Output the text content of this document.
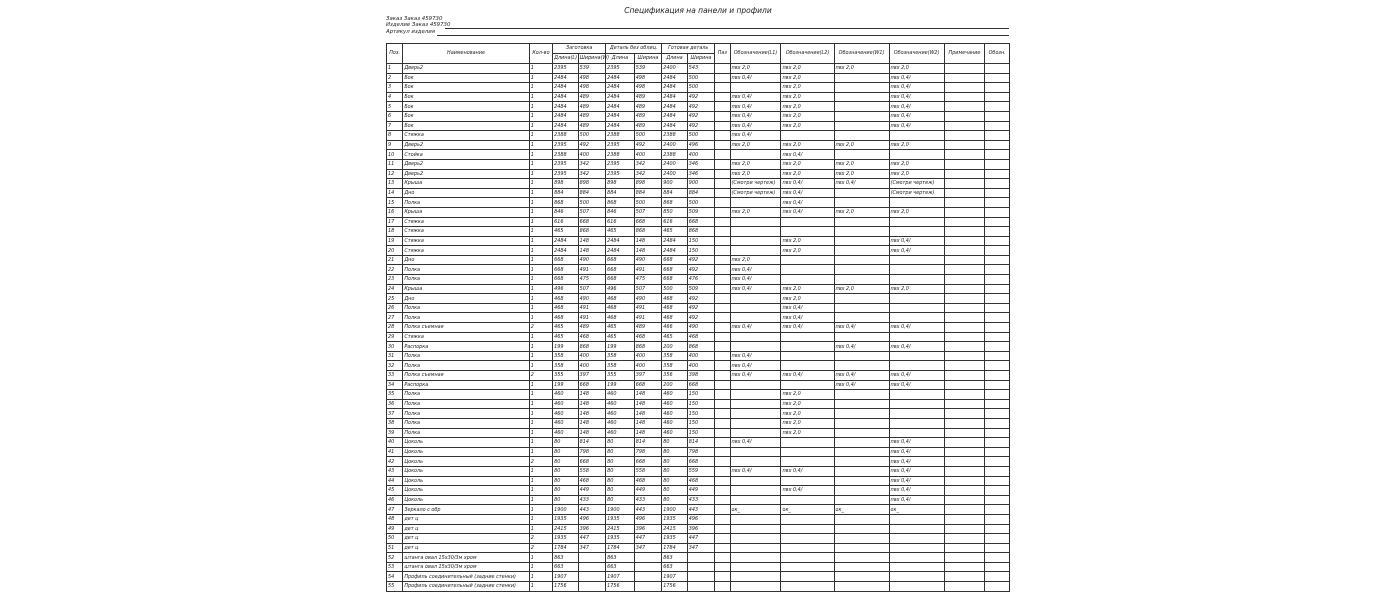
Спецификация на панели и профили
Заказ Заказ 459730
Изделие Заказ 459730
Артикул изделия
Поз.	Наименование	Кол-во	Заготовка		Деталь без облиц.		Готовая деталь		Паз	Обозначение(L1)	Обозначение(L2)	Обозначение(W1)	Обозначение(W2)	Примечание	Обозн.
			Длина(L)	Ширина(W)	Длина	Ширина	Длина	Ширина							
1	Дверь2	1	2395	539	2395	539	2400	543		пвх 2,0	пвх 2,0	пвх 2,0	пвх 2,0		
2	Бок	1	2484	498	2484	498	2484	500		пвх 0,4/	пвх 2,0		пвх 0,4/		
3	Бок	1	2484	498	2484	498	2484	500			пвх 2,0		пвх 0,4/		
4	Бок	1	2484	489	2484	489	2484	492		пвх 0,4/	пвх 2,0		пвх 0,4/		
5	Бок	1	2484	489	2484	489	2484	492		пвх 0,4/	пвх 2,0		пвх 0,4/		
6	Бок	1	2484	489	2484	489	2484	492		пвх 0,4/	пвх 2,0		пвх 0,4/		
7	Бок	1	2484	489	2484	489	2484	492		пвх 0,4/	пвх 2,0		пвх 0,4/		
8	Стяжка	1	2388	500	2388	500	2388	500		пвх 0,4/					
9	Дверь2	1	2395	492	2395	492	2400	496		пвх 2,0	пвх 2,0	пвх 2,0	пвх 2,0		
10	Стойка	1	2388	400	2388	400	2388	400			пвх 0,4/				
11	Дверь2	1	2395	342	2395	342	2400	346		пвх 2,0	пвх 2,0	пвх 2,0	пвх 2,0		
12	Дверь2	1	2395	342	2395	342	2400	346		пвх 2,0	пвх 2,0	пвх 2,0	пвх 2,0		
13	Крыша	1	898	898	898	898	900	900		(Смотри чертеж)	пвх 0,4/	пвх 0,4/	(Смотри чертеж)		
14	Дно	1	884	884	884	884	884	884		(Смотри чертеж)	пвх 0,4/		(Смотри чертеж)		
15	Полка	1	868	500	868	500	868	500			пвх 0,4/				
16	Крыша	1	846	507	846	507	850	509		пвх 2,0	пвх 0,4/	пвх 2,0	пвх 2,0		
17	Стяжка	1	616	668	616	668	616	668							
18	Стяжка	1	465	868	465	868	465	868							
19	Стяжка	1	2484	148	2484	148	2484	150			пвх 2,0		пвх 0,4/		
20	Стяжка	1	2484	148	2484	148	2484	150			пвх 2,0		пвх 0,4/		
21	Дно	1	668	490	668	490	668	492		пвх 2,0					
22	Полка	1	668	491	668	491	668	492		пвх 0,4/					
23	Полка	1	668	475	668	475	668	476		пвх 0,4/					
24	Крыша	1	496	507	496	507	500	509		пвх 0,4/	пвх 2,0	пвх 2,0	пвх 2,0		
25	Дно	1	468	490	468	490	468	492			пвх 2,0				
26	Полка	1	468	491	468	491	468	492			пвх 0,4/				
27	Полка	1	468	491	468	491	468	492			пвх 0,4/				
28	Полка съемная	2	465	489	465	489	466	490		пвх 0,4/	пвх 0,4/	пвх 0,4/	пвх 0,4/		
29	Стяжка	1	465	468	465	468	465	468							
30	Распорка	1	199	868	199	868	200	868				пвх 0,4/	пвх 0,4/		
31	Полка	1	358	400	358	400	358	400		пвх 0,4/					
32	Полка	1	358	400	358	400	358	400		пвх 0,4/					
33	Полка съемная	2	355	397	355	397	356	398		пвх 0,4/	пвх 0,4/	пвх 0,4/	пвх 0,4/		
34	Распорка	1	199	668	199	668	200	668				пвх 0,4/	пвх 0,4/		
35	Полка	1	460	148	460	148	460	150			пвх 2,0				
36	Полка	1	460	148	460	148	460	150			пвх 2,0				
37	Полка	1	460	148	460	148	460	150			пвх 2,0				
38	Полка	1	460	148	460	148	460	150			пвх 2,0				
39	Полка	1	460	148	460	148	460	150			пвх 2,0				
40	Цоколь	1	80	814	80	814	80	814		пвх 0,4/			пвх 0,4/		
41	Цоколь	1	80	798	80	798	80	798					пвх 0,4/		
42	Цоколь	2	80	668	80	668	80	668					пвх 0,4/		
43	Цоколь	1	80	558	80	558	80	559		пвх 0,4/	пвх 0,4/		пвх 0,4/		
44	Цоколь	1	80	468	80	468	80	468					пвх 0,4/		
45	Цоколь	1	80	449	80	449	80	449			пвх 0,4/		пвх 0,4/		
46	Цоколь	1	80	433	80	433	80	433					пвх 0,4/		
47	Зеркало с обр	1	1900	443	1900	443	1900	443		ок_	ок_	ок_	ок_		
48	дет ц	1	1935	496	1935	496	1935	496							
49	дет ц	1	2415	396	2415	396	2415	396							
50	дет ц	2	1935	447	1935	447	1935	447							
51	дет ц	2	1784	347	1784	347	1784	347							
52	штанга овал 15х30/3м хром	1	863		863		863								
53	штанга овал 15х30/3м хром	1	663		663		663								
54	Профиль соединительный (задние стенки)	1	1907		1907		1907								
55	Профиль соединительный (задние стенки)	1	1756		1756		1756								
